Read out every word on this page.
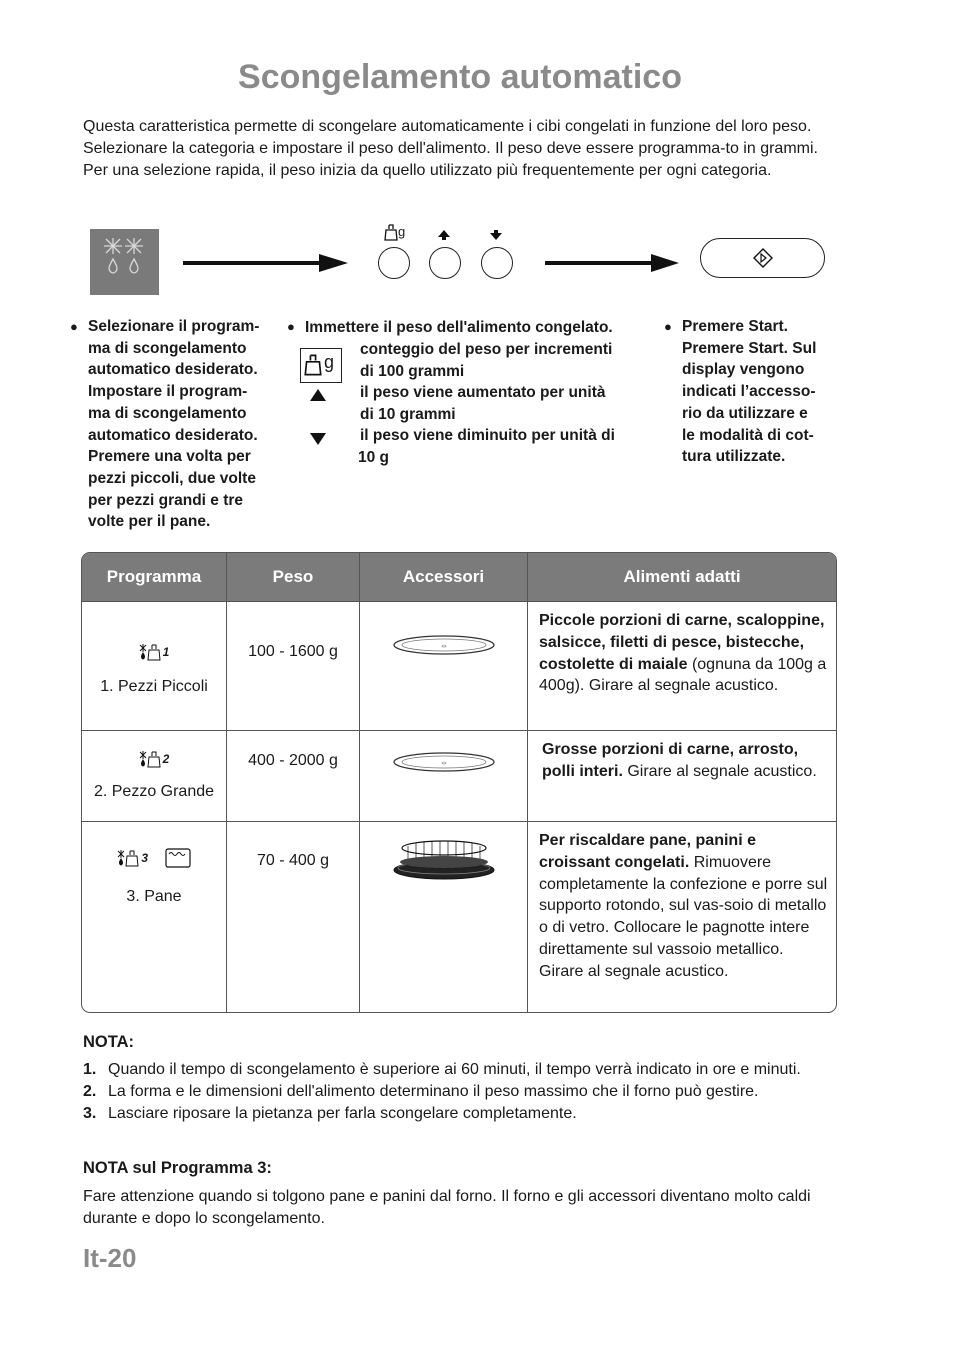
Scongelamento automatico
Questa caratteristica permette di scongelare automaticamente i cibi congelati in funzione del loro peso. Selezionare la categoria e impostare il peso dell'alimento. Il peso deve essere programma-to in grammi. Per una selezione rapida, il peso inizia da quello utilizzato più frequentemente per ogni categoria.
g
● Selezionare il program-
ma di scongelamento
automatico desiderato.
Impostare il program-
ma di scongelamento
automatico desiderato.
Premere una volta per
pezzi piccoli, due volte
per pezzi grandi e tre
volte per il pane.
● Immettere il peso dell'alimento congelato.
g
conteggio del peso per incrementi
di 100 grammi
il peso viene aumentato per unità
di 10 grammi
il peso viene diminuito per unità di
10 g
● Premere Start.
Premere Start. Sul
display vengono
indicati l’accesso-
rio da utilizzare e
le modalità di cot-
tura utilizzate.
Programma	Peso	Accessori	Alimenti adatti

1
1. Pezzi Piccoli	100 - 1600 g		Piccole porzioni di carne, scaloppine, salsicce, filetti di pesce, bistecche, costolette di maiale (ognuna da 100g a 400g). Girare al segnale acustico.

2
2. Pezzo Grande	400 - 2000 g		Grosse porzioni di carne, arrosto, polli interi. Girare al segnale acustico.

3
3. Pane	70 - 400 g		Per riscaldare pane, panini e croissant congelati. Rimuovere completamente la confezione e porre sul supporto rotondo, sul vas-soio di metallo o di vetro. Collocare le pagnotte intere direttamente sul vassoio metallico. Girare al segnale acustico.
NOTA:
1. Quando il tempo di scongelamento è superiore ai 60 minuti, il tempo verrà indicato in ore e minuti.
2. La forma e le dimensioni dell'alimento determinano il peso massimo che il forno può gestire.
3. Lasciare riposare la pietanza per farla scongelare completamente.
NOTA sul Programma 3:
Fare attenzione quando si tolgono pane e panini dal forno. Il forno e gli accessori diventano molto caldi durante e dopo lo scongelamento.
It-20
